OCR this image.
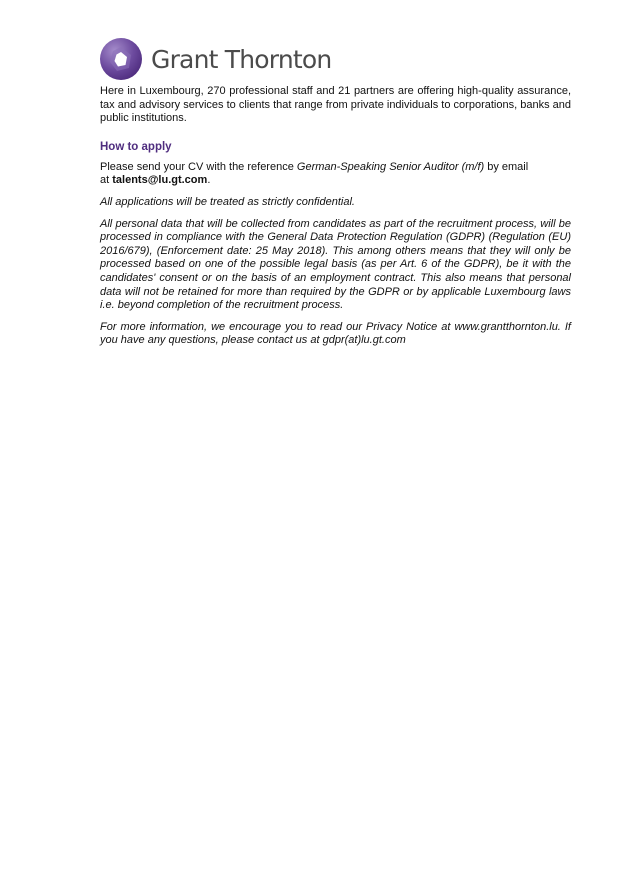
Grant Thornton

Here in Luxembourg, 270 professional staff and 21 partners are offering high-quality assurance, tax and advisory services to clients that range from private individuals to corporations, banks and public institutions.

How to apply

Please send your CV with the reference German-Speaking Senior Auditor (m/f) by email
at talents@lu.gt.com.

All applications will be treated as strictly confidential.

All personal data that will be collected from candidates as part of the recruitment process, will be processed in compliance with the General Data Protection Regulation (GDPR) (Regulation (EU) 2016/679), (Enforcement date: 25 May 2018). This among others means that they will only be processed based on one of the possible legal basis (as per Art. 6 of the GDPR), be it with the candidates' consent or on the basis of an employment contract. This also means that personal data will not be retained for more than required by the GDPR or by applicable Luxembourg laws i.e. beyond completion of the recruitment process.

For more information, we encourage you to read our Privacy Notice at www.grantthornton.lu. If you have any questions, please contact us at gdpr(at)lu.gt.com
